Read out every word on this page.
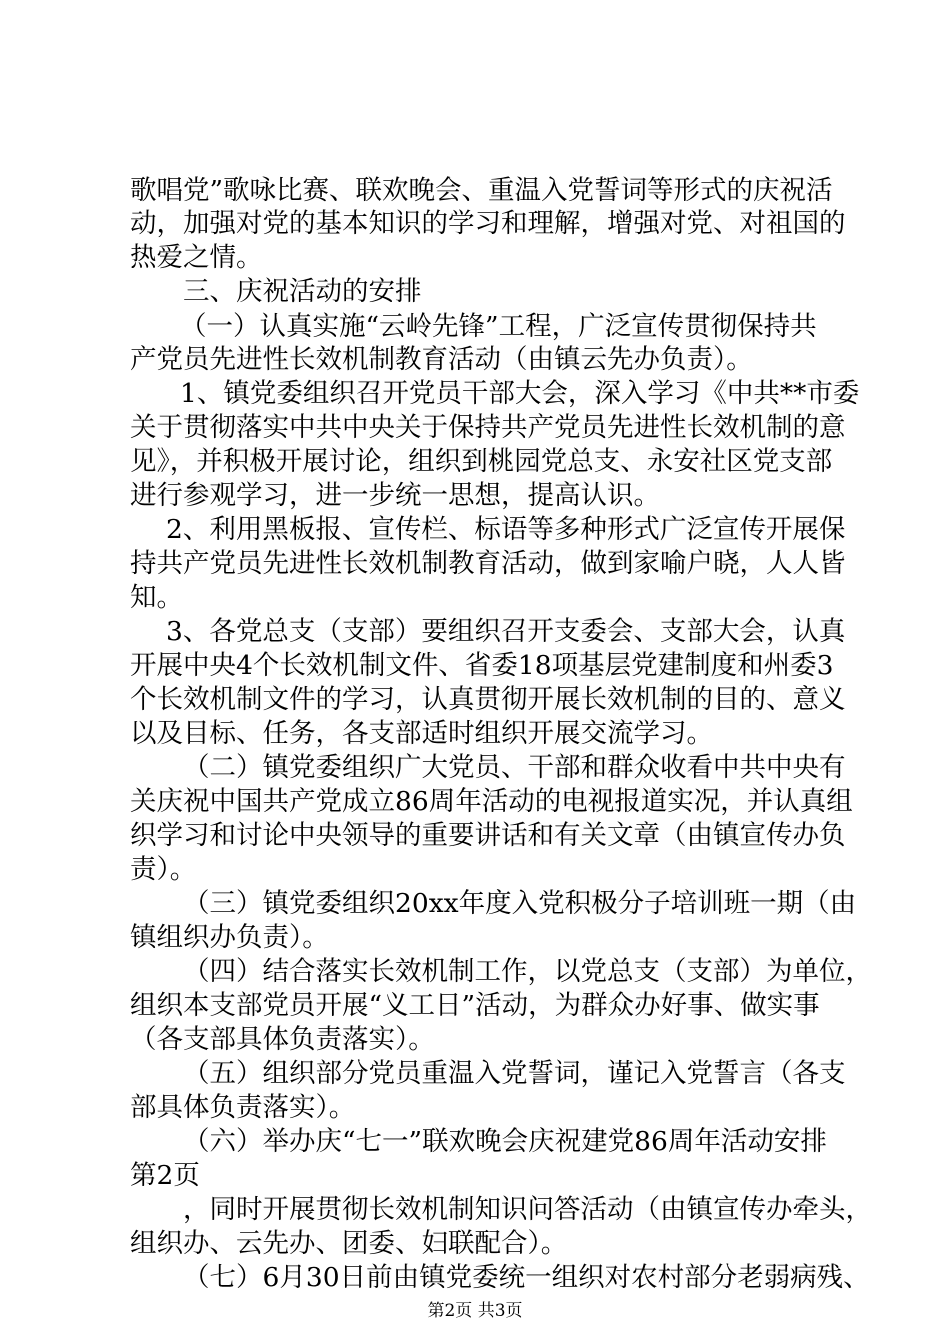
歌唱党”歌咏比赛、联欢晚会、重温入党誓词等形式的庆祝活
动，加强对党的基本知识的学习和理解，增强对党、对祖国的
热爱之情。
三、庆祝活动的安排
（一）认真实施“云岭先锋”工程，广泛宣传贯彻保持共
产党员先进性长效机制教育活动（由镇云先办负责）。
1、镇党委组织召开党员干部大会，深入学习《中共**市委
关于贯彻落实中共中央关于保持共产党员先进性长效机制的意
见》，并积极开展讨论，组织到桃园党总支、永安社区党支部
进行参观学习，进一步统一思想，提高认识。
2、利用黑板报、宣传栏、标语等多种形式广泛宣传开展保
持共产党员先进性长效机制教育活动，做到家喻户晓，人人皆
知。
3、各党总支（支部）要组织召开支委会、支部大会，认真
开展中央4个长效机制文件、省委18项基层党建制度和州委3
个长效机制文件的学习，认真贯彻开展长效机制的目的、意义
以及目标、任务，各支部适时组织开展交流学习。
（二）镇党委组织广大党员、干部和群众收看中共中央有
关庆祝中国共产党成立86周年活动的电视报道实况，并认真组
织学习和讨论中央领导的重要讲话和有关文章（由镇宣传办负
责）。
（三）镇党委组织20xx年度入党积极分子培训班一期（由
镇组织办负责）。
（四）结合落实长效机制工作，以党总支（支部）为单位，
组织本支部党员开展“义工日”活动，为群众办好事、做实事
（各支部具体负责落实）。
（五）组织部分党员重温入党誓词，谨记入党誓言（各支
部具体负责落实）。
（六）举办庆“七一”联欢晚会庆祝建党86周年活动安排
第2页
，同时开展贯彻长效机制知识问答活动（由镇宣传办牵头，
组织办、云先办、团委、妇联配合）。
（七）6月30日前由镇党委统一组织对农村部分老弱病残、
第2页 共3页
